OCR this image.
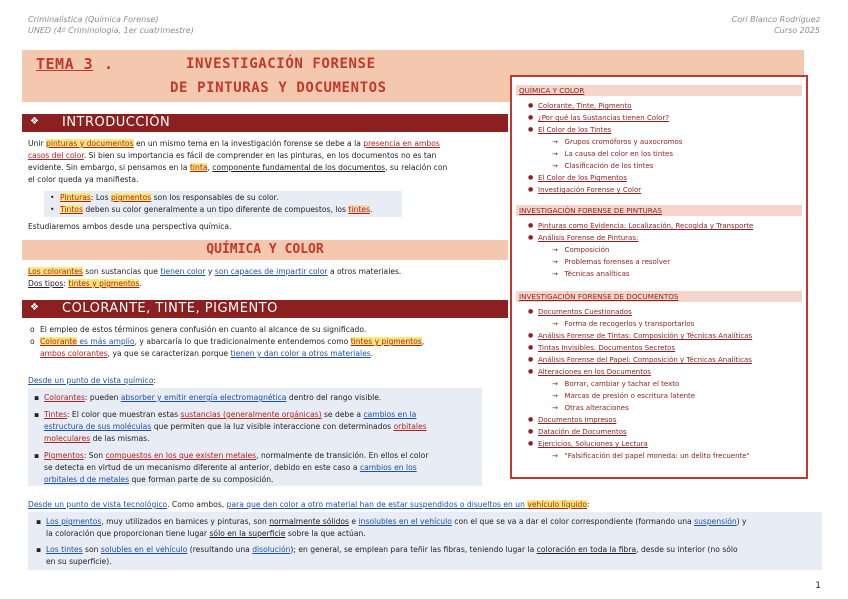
Criminalística (Química Forense)
UNED (4º Criminología, 1er cuatrimestre)
Cori Blanco Rodríguez
Curso 2025
TEMA 3 .	INVESTIGACIÓN FORENSE
DE PINTURAS Y DOCUMENTOS
❖ INTRODUCCIÓN
Unir pinturas y documentos en un mismo tema en la investigación forense se debe a la presencia en ambos
casos del color. Si bien su importancia es fácil de comprender en las pinturas, en los documentos no es tan
evidente. Sin embargo, si pensamos en la tinta, componente fundamental de los documentos, su relación con
el color queda ya manifiesta.
• Pinturas: Los pigmentos son los responsables de su color.
• Tintos deben su color generalmente a un tipo diferente de compuestos, los tintes.
Estudiaremos ambos desde una perspectiva química.
QUÍMICA Y COLOR
Los colorantes son sustancias que tienen color y son capaces de impartir color a otros materiales.
Dos tipos: tintes y pigmentos.
❖ COLORANTE, TINTE, PIGMENTO
o El empleo de estos términos genera confusión en cuanto al alcance de su significado.
o Colorante es más amplio, y abarcaría lo que tradicionalmente entendemos como tintes y pigmentos,
ambos colorantes, ya que se caracterizan porque tienen y dan color a otros materiales.
Desde un punto de vista químico:
▪ Colorantes: pueden absorber y emitir energía electromagnética dentro del rango visible.
▪ Tintes: El color que muestran estas sustancias (generalmente orgánicas) se debe a cambios en la
estructura de sus moléculas que permiten que la luz visible interaccione con determinados orbitales
moleculares de las mismas.
▪ Pigmentos: Son compuestos en los que existen metales, normalmente de transición. En ellos el color
se detecta en virtud de un mecanismo diferente al anterior, debido en este caso a cambios en los
orbitales d de metales que forman parte de su composición.
Desde un punto de vista tecnológico. Como ambos, para que den color a otro material han de estar suspendidos o disueltos en un vehículo líquido:
▪ Los pigmentos, muy utilizados en barnices y pinturas, son normalmente sólidos e insolubles en el vehículo con el que se va a dar el color correspondiente (formando una suspensión) y
la coloración que proporcionan tiene lugar sólo en la superficie sobre la que actúan.
▪ Los tintes son solubles en el vehículo (resultando una disolución); en general, se emplean para teñir las fibras, teniendo lugar la coloración en toda la fibra, desde su interior (no sólo
en su superficie).
QUÍMICA Y COLOR
● Colorante, Tinte, Pigmento
● ¿Por qué las Sustancias tienen Color?
● El Color de los Tintes
→   Grupos cromóforos y auxocromos
→   La causa del color en los tintes
→   Clasificación de los tintes
● El Color de los Pigmentos
● Investigación Forense y Color
INVESTIGACIÓN FORENSE DE PINTURAS
● Pinturas como Evidencia: Localización, Recogida y Transporte
● Análisis Forense de Pinturas:
→   Composición
→   Problemas forenses a resolver
→   Técnicas analíticas
INVESTIGACIÓN FORENSE DE DOCUMENTOS
● Documentos Cuestionados
→   Forma de recogerlos y transportarlos
● Análisis Forense de Tintas: Composición y Técnicas Analíticas
● Tintas Invisibles. Documentos Secretos
● Análisis Forense del Papel: Composición y Técnicas Analíticas
● Alteraciones en los Documentos
→   Borrar, cambiar y tachar el texto
→   Marcas de presión o escritura latente
→   Otras alteraciones
● Documentos Impresos
● Datación de Documentos
● Ejercicios, Soluciones y Lectura
→   "Falsificación del papel moneda: un delito frecuente"
1
